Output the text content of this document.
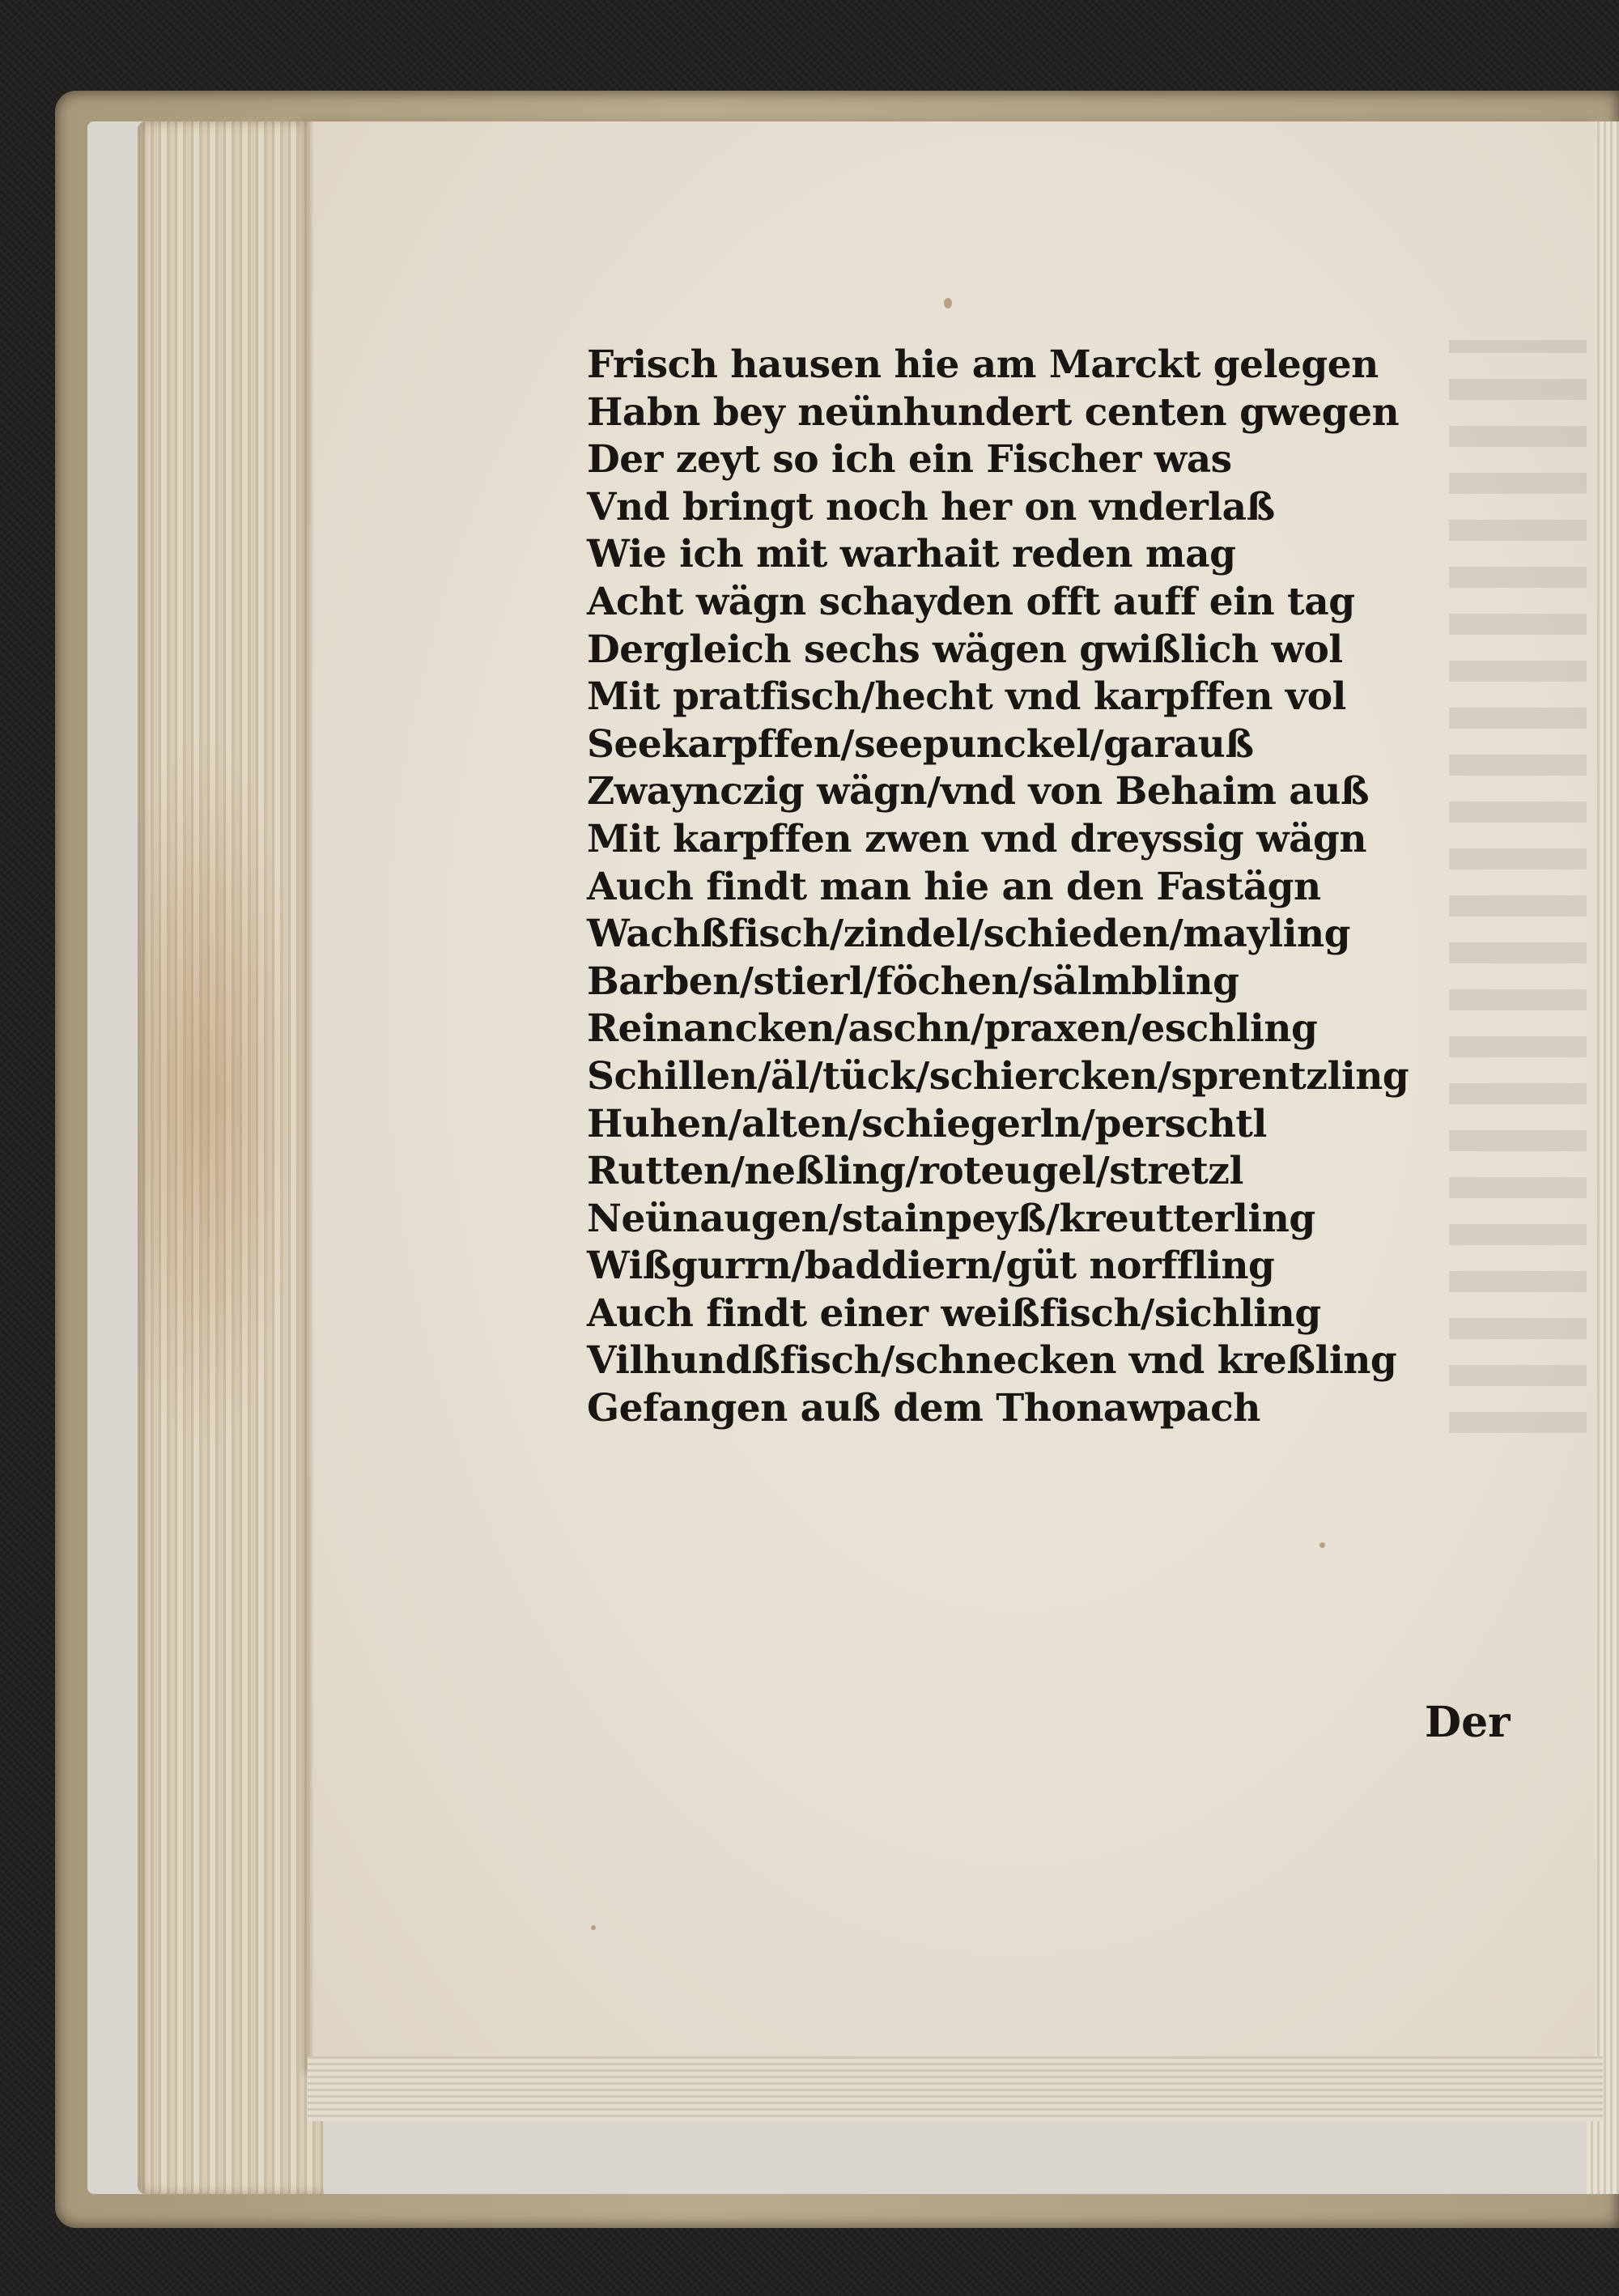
Frisch hausen hie am Marckt gelegen
Habn bey neünhundert centen gwegen
Der zeyt so ich ein Fischer was
Vnd bringt noch her on vnderlaß
Wie ich mit warhait reden mag
Acht wägn schayden offt auff ein tag
Dergleich sechs wägen gwißlich wol
Mit pratfisch/hecht vnd karpffen vol
Seekarpffen/seepunckel/garauß
Zwaynczig wägn/vnd von Behaim auß
Mit karpffen zwen vnd dreyssig wägn
Auch findt man hie an den Fastägn
Wachßfisch/zindel/schieden/mayling
Barben/stierl/föchen/sälmbling
Reinancken/aschn/praxen/eschling
Schillen/äl/tück/schiercken/sprentzling
Huhen/alten/schiegerln/perschtl
Rutten/neßling/roteugel/stretzl
Neünaugen/stainpeyß/kreutterling
Wißgurrn/baddiern/güt norffling
Auch findt einer weißfisch/sichling
Vilhundßfisch/schnecken vnd kreßling
Gefangen auß dem Thonawpach
Der
